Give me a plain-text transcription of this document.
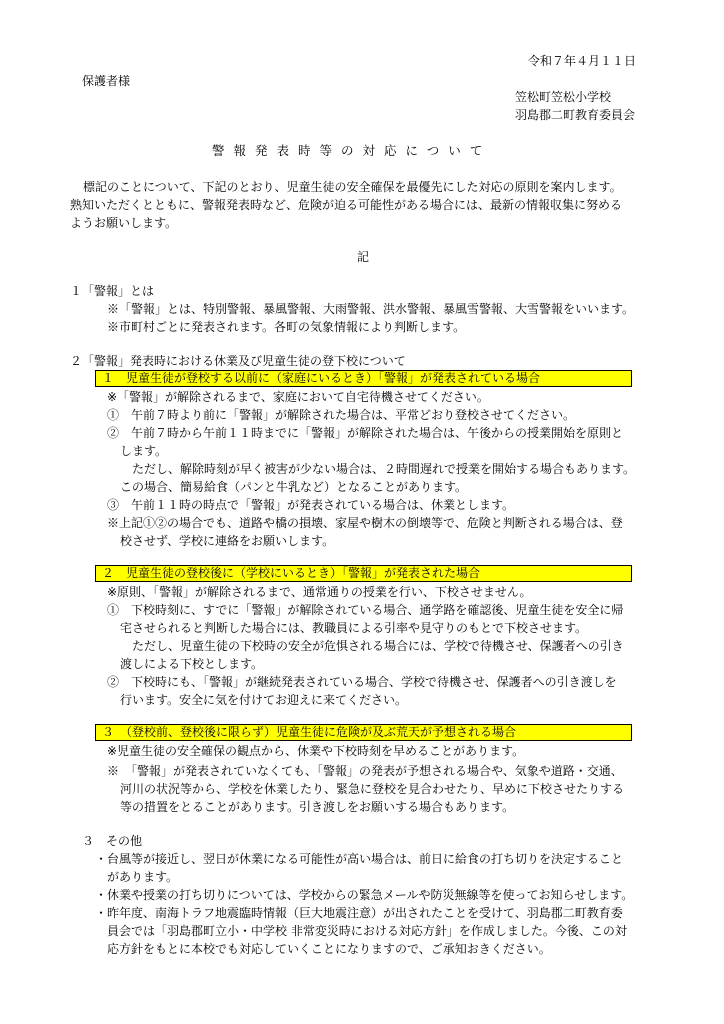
令和７年４月１１日
保護者様
笠松町笠松小学校
羽島郡二町教育委員会
警報発表時等の対応について
標記のことについて、下記のとおり、児童生徒の安全確保を最優先にした対応の原則を案内します。
熟知いただくとともに、警報発表時など、危険が迫る可能性がある場合には、最新の情報収集に努める
ようお願いします。
記
１「警報」とは
※「警報」とは、特別警報、暴風警報、大雨警報、洪水警報、暴風雪警報、大雪警報をいいます。
※市町村ごとに発表されます。各町の気象情報により判断します。
２「警報」発表時における休業及び児童生徒の登下校について
１　児童生徒が登校する以前に（家庭にいるとき）「警報」が発表されている場合
※「警報」が解除されるまで、家庭において自宅待機させてください。
①　午前７時より前に「警報」が解除された場合は、平常どおり登校させてください。
②　午前７時から午前１１時までに「警報」が解除された場合は、午後からの授業開始を原則と
します。
ただし、解除時刻が早く被害が少ない場合は、２時間遅れで授業を開始する場合もあります。
この場合、簡易給食（パンと牛乳など）となることがあります。
③　午前１１時の時点で「警報」が発表されている場合は、休業とします。
※上記①②の場合でも、道路や橋の損壊、家屋や樹木の倒壊等で、危険と判断される場合は、登
校させず、学校に連絡をお願いします。
２　児童生徒の登校後に（学校にいるとき）「警報」が発表された場合
※原則、「警報」が解除されるまで、通常通りの授業を行い、下校させません。
①　下校時刻に、すでに「警報」が解除されている場合、通学路を確認後、児童生徒を安全に帰
宅させられると判断した場合には、教職員による引率や見守りのもとで下校させます。
ただし、児童生徒の下校時の安全が危惧される場合には、学校で待機させ、保護者への引き
渡しによる下校とします。
②　下校時にも、「警報」が継続発表されている場合、学校で待機させ、保護者への引き渡しを
行います。安全に気を付けてお迎えに来てください。
３　（登校前、登校後に限らず）児童生徒に危険が及ぶ荒天が予想される場合
※児童生徒の安全確保の観点から、休業や下校時刻を早めることがあります。
※　「警報」が発表されていなくても、「警報」の発表が予想される場合や、気象や道路・交通、
河川の状況等から、学校を休業したり、緊急に登校を見合わせたり、早めに下校させたりする
等の措置をとることがあります。引き渡しをお願いする場合もあります。
３　その他
・台風等が接近し、翌日が休業になる可能性が高い場合は、前日に給食の打ち切りを決定すること
があります。
・休業や授業の打ち切りについては、学校からの緊急メールや防災無線等を使ってお知らせします。
・昨年度、南海トラフ地震臨時情報（巨大地震注意）が出されたことを受けて、羽島郡二町教育委
員会では「羽島郡町立小・中学校 非常変災時における対応方針」を作成しました。今後、この対
応方針をもとに本校でも対応していくことになりますので、ご承知おきください。
